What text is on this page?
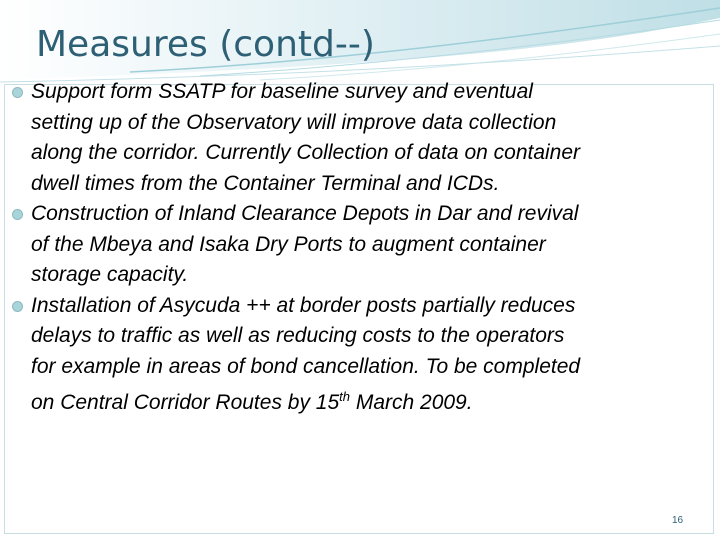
Measures (contd--)
Support form SSATP for baseline survey and eventual
setting up of the Observatory will improve data collection
along the corridor. Currently Collection of data on container
dwell times from the Container Terminal and ICDs.
Construction of Inland Clearance Depots in Dar and revival
of the Mbeya and Isaka Dry Ports to augment container
storage capacity.
Installation of Asycuda ++ at border posts partially reduces
delays to traffic as well as reducing costs to the operators
for example in areas of bond cancellation. To be completed
on Central Corridor Routes by 15th March 2009.
16
